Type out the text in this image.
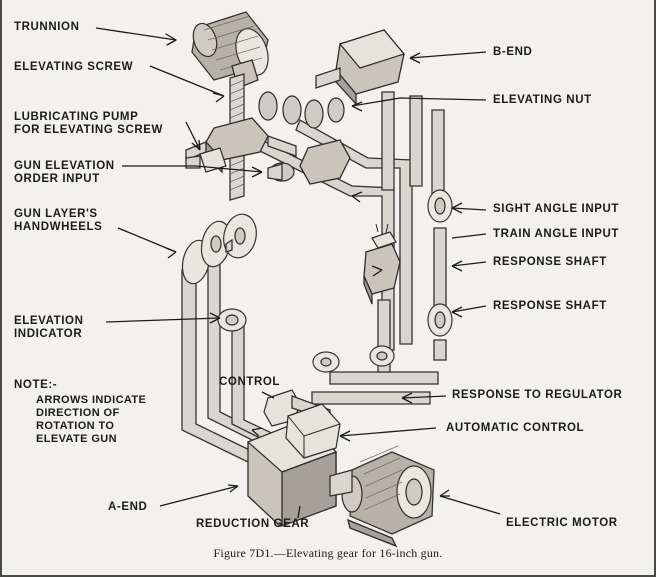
TRUNNION
ELEVATING SCREW
LUBRICATING PUMP
FOR ELEVATING SCREW
GUN ELEVATION
ORDER INPUT
GUN LAYER'S
HANDWHEELS
ELEVATION
INDICATOR
NOTE:-
ARROWS INDICATE
DIRECTION OF
ROTATION TO
ELEVATE GUN
CONTROL
A-END
REDUCTION GEAR
B-END
ELEVATING NUT
SIGHT ANGLE INPUT
TRAIN ANGLE INPUT
RESPONSE SHAFT
RESPONSE SHAFT
RESPONSE TO REGULATOR
AUTOMATIC CONTROL
ELECTRIC MOTOR
Figure 7D1.—Elevating gear for 16-inch gun.
